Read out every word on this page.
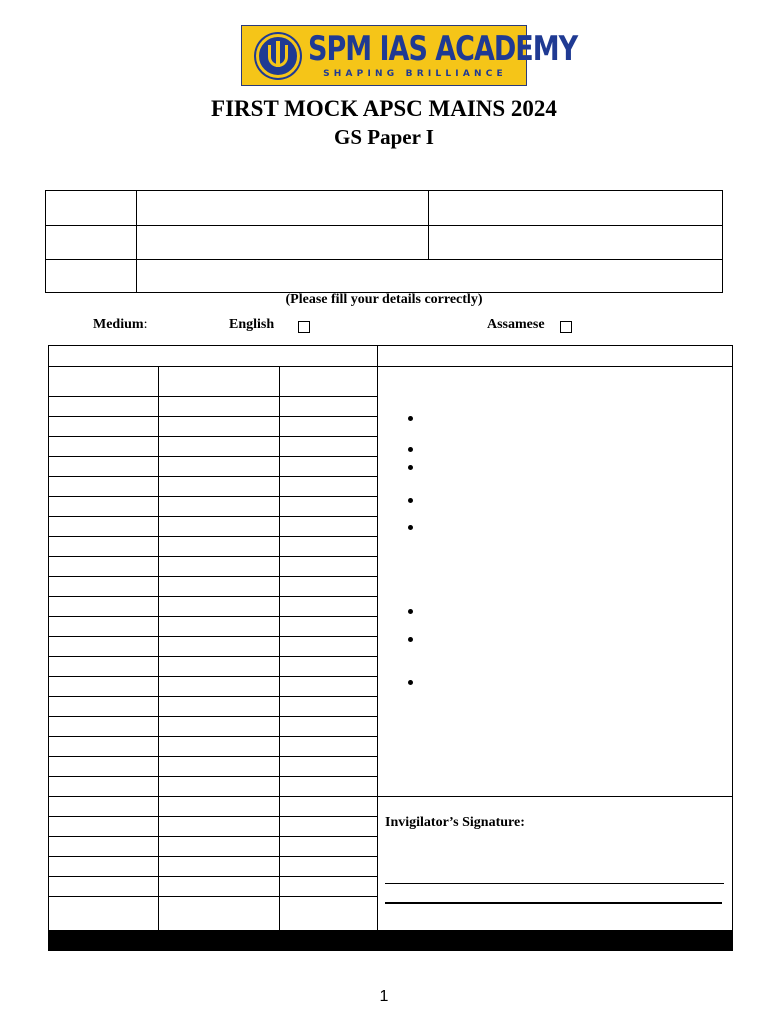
SPM IAS ACADEMY
SHAPING BRILLIANCE
FIRST MOCK APSC MAINS 2024
GS Paper I

(Please fill your details correctly)
Medium:	English	Assamese

Invigilator’s Signature:
1
